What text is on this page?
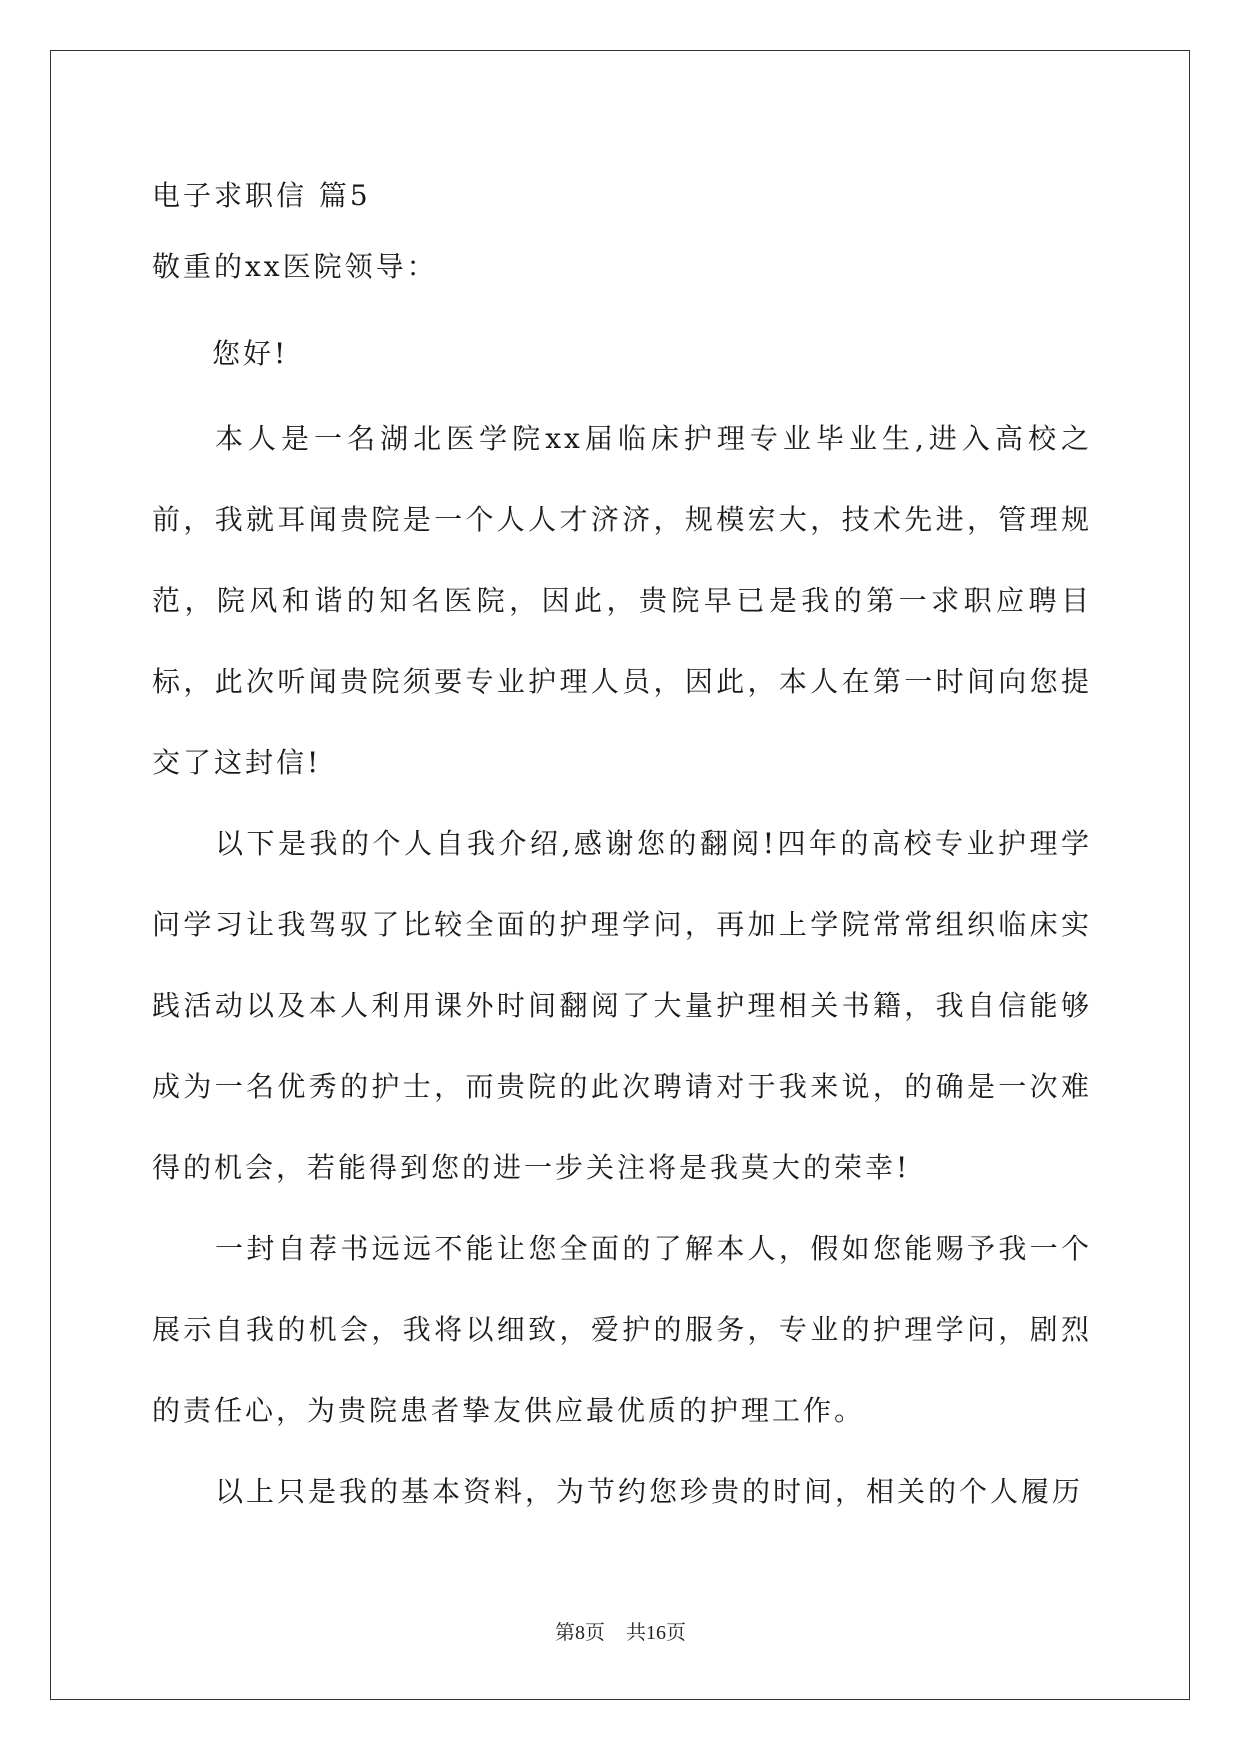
电子求职信 篇5
敬重的xx医院领导：
您好!

本人是一名湖北医学院xx届临床护理专业毕业生,进入高校之前，我就耳闻贵院是一个人人才济济，规模宏大，技术先进，管理规范，院风和谐的知名医院，因此，贵院早已是我的第一求职应聘目标，此次听闻贵院须要专业护理人员，因此，本人在第一时间向您提交了这封信!

以下是我的个人自我介绍,感谢您的翻阅!四年的高校专业护理学问学习让我驾驭了比较全面的护理学问，再加上学院常常组织临床实践活动以及本人利用课外时间翻阅了大量护理相关书籍，我自信能够成为一名优秀的护士，而贵院的此次聘请对于我来说，的确是一次难得的机会，若能得到您的进一步关注将是我莫大的荣幸!

一封自荐书远远不能让您全面的了解本人，假如您能赐予我一个展示自我的机会，我将以细致，爱护的服务，专业的护理学问，剧烈的责任心，为贵院患者挚友供应最优质的护理工作。

以上只是我的基本资料，为节约您珍贵的时间，相关的个人履历

第8页 共16页
